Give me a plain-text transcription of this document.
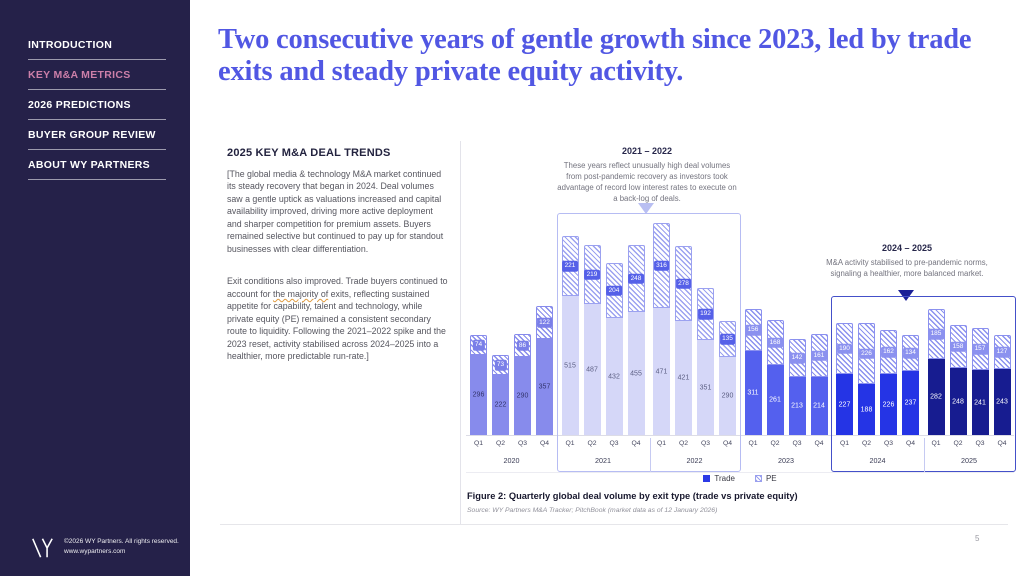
INTRODUCTION
KEY M&A METRICS
2026 PREDICTIONS
BUYER GROUP REVIEW
ABOUT WY PARTNERS
©2026 WY Partners. All rights reserved.
www.wypartners.com
Two consecutive years of gentle growth since 2023, led by trade exits and steady private equity activity.
2025 KEY M&A DEAL TRENDS

[The global media & technology M&A market continued its steady recovery that began in 2024. Deal volumes saw a gentle uptick as valuations increased and capital availability improved, driving more active deployment and sharper competition for premium assets. Buyers remained selective but continued to pay up for standout businesses with clear differentiation.

Exit conditions also improved. Trade buyers continued to account for the majority of exits, reflecting sustained appetite for capability, talent and technology, while private equity (PE) remained a consistent secondary route to liquidity. Following the 2021–2022 spike and the 2023 reset, activity stabilised across 2024–2025 into a healthier, more predictable run-rate.]

2021 – 2022
These years reflect unusually high deal volumes from post-pandemic recovery as investors took advantage of record low interest rates to execute on a back-log of deals.
2024 – 2025
M&A activity stabilised to pre-pandemic norms, signaling a healthier, more balanced market.
296
74
Q1
222
73
Q2
290
86
Q3
357
122
Q4
2020
515
221
Q1
487
219
Q2
432
204
Q3
455
248
Q4
2021
471
316
Q1
421
278
Q2
351
192
Q3
290
135
Q4
2022
311
156
Q1
261
168
Q2
213
142
Q3
214
161
Q4
2023
227
190
Q1
188
226
Q2
226
162
Q3
237
134
Q4
2024
282
185
Q1
248
158
Q2
241
157
Q3
243
127
Q4
2025
Trade	PE
Figure 2: Quarterly global deal volume by exit type (trade vs private equity)
Source: WY Partners M&A Tracker; PitchBook (market data as of 12 January 2026)
5
